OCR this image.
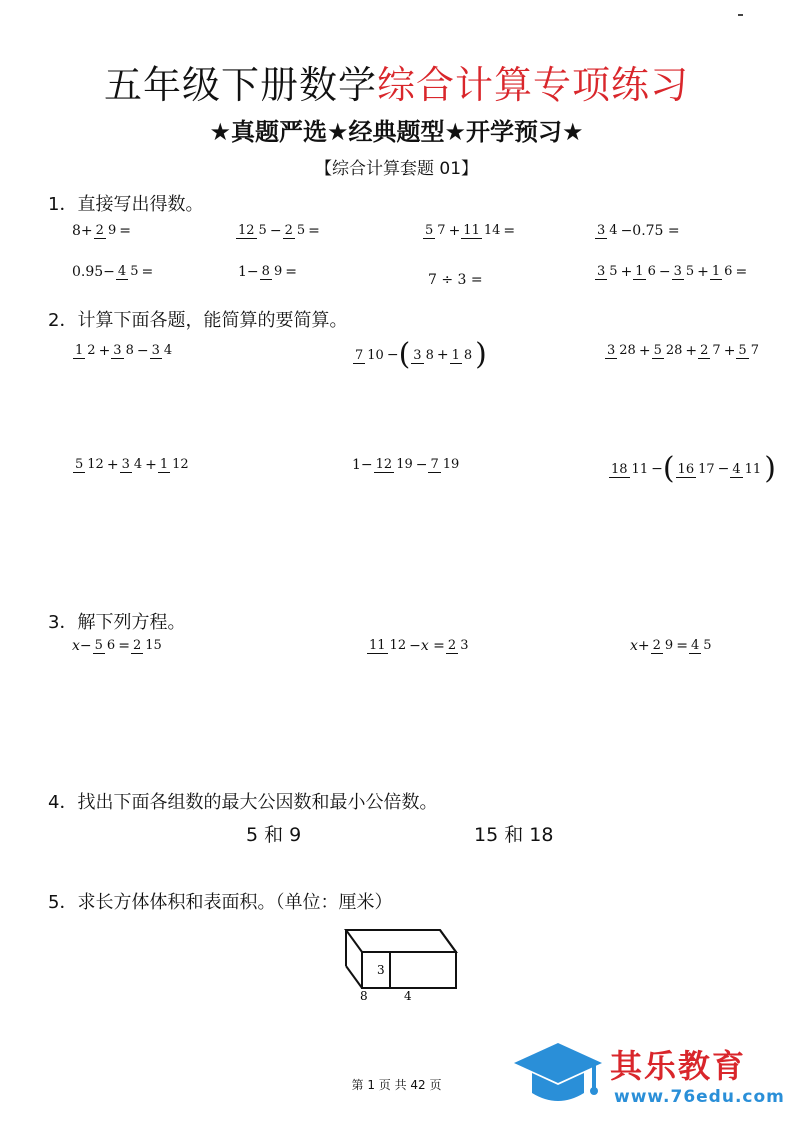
五年级下册数学综合计算专项练习
★真题严选★经典题型★开学预习★
【综合计算套题 01】
1．直接写出得数。
8 + 2 9 =	12 5 − 2 5 =	5 7 + 11 14 =	3 4 −0.75 =
0.95 − 4 5 =	1 − 8 9 =
7 ÷ 3 =
3 5 + 1 6 − 3 5 + 1 6 =
2．计算下面各题，能简算的要简算。
1 2 + 3 8 − 3 4	7 10 − ( 3 8 + 1 8 )	3 28 + 5 28 + 2 7 + 5 7
5 12 + 3 4 + 1 12	1 − 12 19 − 7 19	18 11 − ( 16 17 − 4 11 )
3．解下列方程。
x − 5 6 = 2 15	11 12 −x = 2 3	x + 2 9 = 4 5
4．找出下面各组数的最大公因数和最小公倍数。
5 和 9	15 和 18
5．求长方体体积和表面积。（单位：厘米）
3
8	4
第 1 页 共 42 页	其乐教育
www.76edu.com
